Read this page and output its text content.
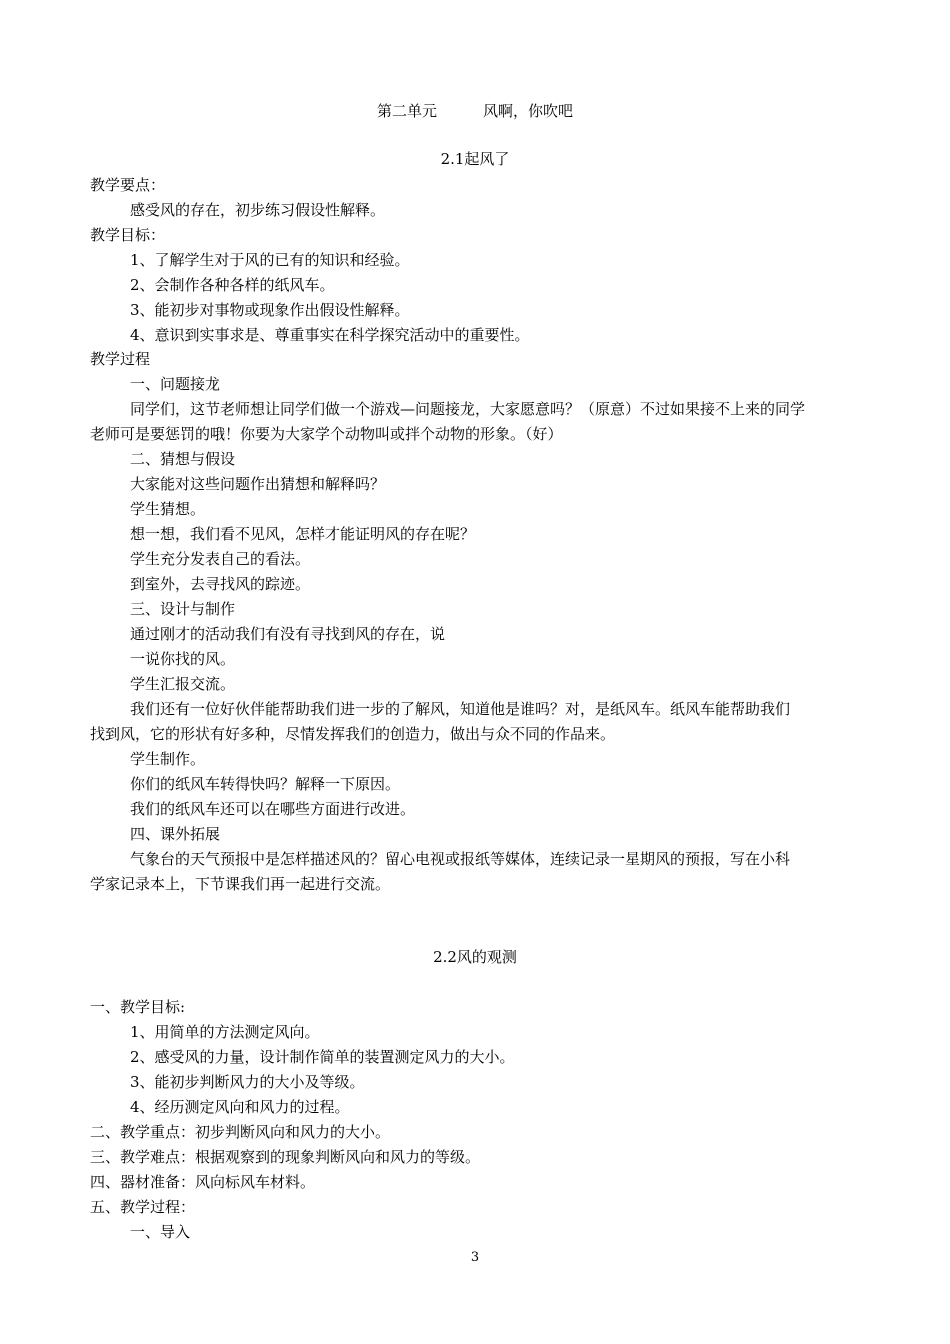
第二单元	风啊，你吹吧
2.1起风了
教学要点：
感受风的存在，初步练习假设性解释。
教学目标：
1、了解学生对于风的已有的知识和经验。
2、会制作各种各样的纸风车。
3、能初步对事物或现象作出假设性解释。
4、意识到实事求是、尊重事实在科学探究活动中的重要性。
教学过程
一、问题接龙
同学们，这节老师想让同学们做一个游戏—问题接龙，大家愿意吗？（原意）不过如果接不上来的同学
老师可是要惩罚的哦！你要为大家学个动物叫或拌个动物的形象。（好）
二、猜想与假设
大家能对这些问题作出猜想和解释吗？
学生猜想。
想一想，我们看不见风，怎样才能证明风的存在呢？
学生充分发表自己的看法。
到室外，去寻找风的踪迹。
三、设计与制作
通过刚才的活动我们有没有寻找到风的存在，说
一说你找的风。
学生汇报交流。
我们还有一位好伙伴能帮助我们进一步的了解风，知道他是谁吗？对，是纸风车。纸风车能帮助我们
找到风，它的形状有好多种，尽情发挥我们的创造力，做出与众不同的作品来。
学生制作。
你们的纸风车转得快吗？解释一下原因。
我们的纸风车还可以在哪些方面进行改进。
四、课外拓展
气象台的天气预报中是怎样描述风的？留心电视或报纸等媒体，连续记录一星期风的预报，写在小科
学家记录本上，下节课我们再一起进行交流。
2.2风的观测
一、教学目标:
1、用简单的方法测定风向。
2、感受风的力量，设计制作简单的装置测定风力的大小。
3、能初步判断风力的大小及等级。
4、经历测定风向和风力的过程。
二、教学重点：初步判断风向和风力的大小。
三、教学难点：根据观察到的现象判断风向和风力的等级。
四、器材准备：风向标风车材料。
五、教学过程：
一、导入
3
